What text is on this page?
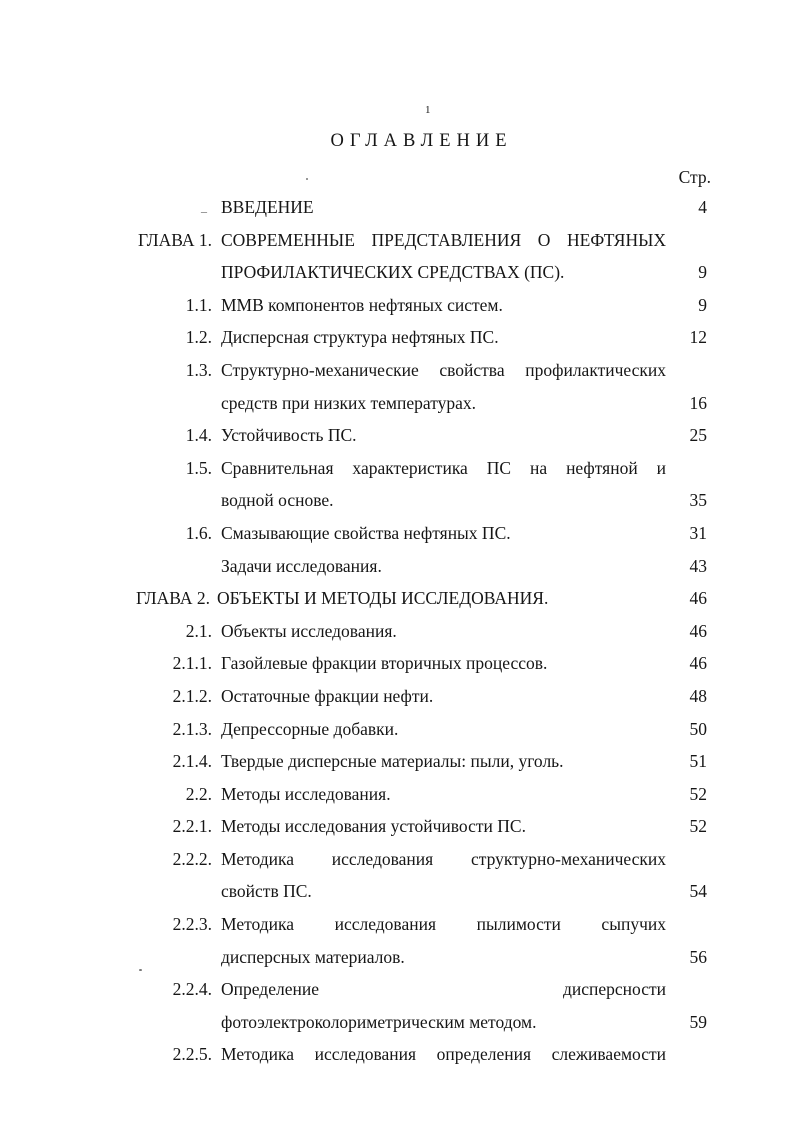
1
ОГЛАВЛЕНИЕ
Стр.
_ ВВЕДЕНИЕ	4
ГЛАВА 1. СОВРЕМЕННЫЕ ПРЕДСТАВЛЕНИЯ О НЕФТЯНЫХ
ПРОФИЛАКТИЧЕСКИХ СРЕДСТВАХ (ПС).	9
1.1. ММВ компонентов нефтяных систем.	9
1.2. Дисперсная структура нефтяных ПС.	12
1.3. Структурно-механические свойства профилактических
средств при низких температурах.	16
1.4. Устойчивость ПС.	25
1.5. Сравнительная характеристика ПС на нефтяной и
водной основе.	35
1.6. Смазывающие свойства нефтяных ПС.	31
Задачи исследования.	43
ГЛАВА 2. ОБЪЕКТЫ И МЕТОДЫ ИССЛЕДОВАНИЯ.	46
2.1. Объекты исследования.	46
2.1.1. Газойлевые фракции вторичных процессов.	46
2.1.2. Остаточные фракции нефти.	48
2.1.3. Депрессорные добавки.	50
2.1.4. Твердые дисперсные материалы: пыли, уголь.	51
2.2. Методы исследования.	52
2.2.1. Методы исследования устойчивости ПС.	52
2.2.2. Методика исследования структурно-механических
свойств ПС.	54
2.2.3. Методика исследования пылимости сыпучих
дисперсных материалов.	56
2.2.4. Определение дисперсности
фотоэлектроколориметрическим методом.	59
2.2.5. Методика исследования определения слеживаемости
